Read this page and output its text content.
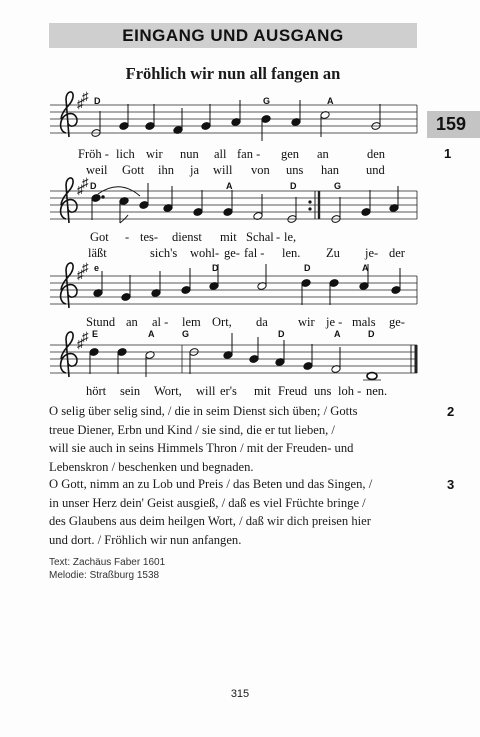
EINGANG UND AUSGANG
Fröhlich wir nun all fangen an
159
1
2
3
♯
♯ D	G	A
Fröh - lich wir nun all fan - gen an	den
weil Gott ihn ja will von uns han und
♯
♯ D	A	D	G
Got - tes- dienst mit Schal - le,
läßt	sich's wohl- ge- fal - len. Zu je- der
♯
♯ e	D	D	A
Stund an al - lem Ort, da wir je - mals ge-
♯
♯ E	A	G	D	A	D
hört sein Wort, will er's mit Freud uns loh - nen.

O selig über selig sind, / die in seim Dienst sich üben; / Gotts

treue Diener, Erbn und Kind / sie sind, die er tut lieben, /

will sie auch in seins Himmels Thron / mit der Freuden- und

Lebenskron / beschenken und begnaden.

O Gott, nimm an zu Lob und Preis / das Beten und das Singen, /

in unser Herz dein' Geist ausgieß, / daß es viel Früchte bringe /

des Glaubens aus deim heilgen Wort, / daß wir dich preisen hier

und dort. / Fröhlich wir nun anfangen.

Text: Zachäus Faber 1601
Melodie: Straßburg 1538
315
